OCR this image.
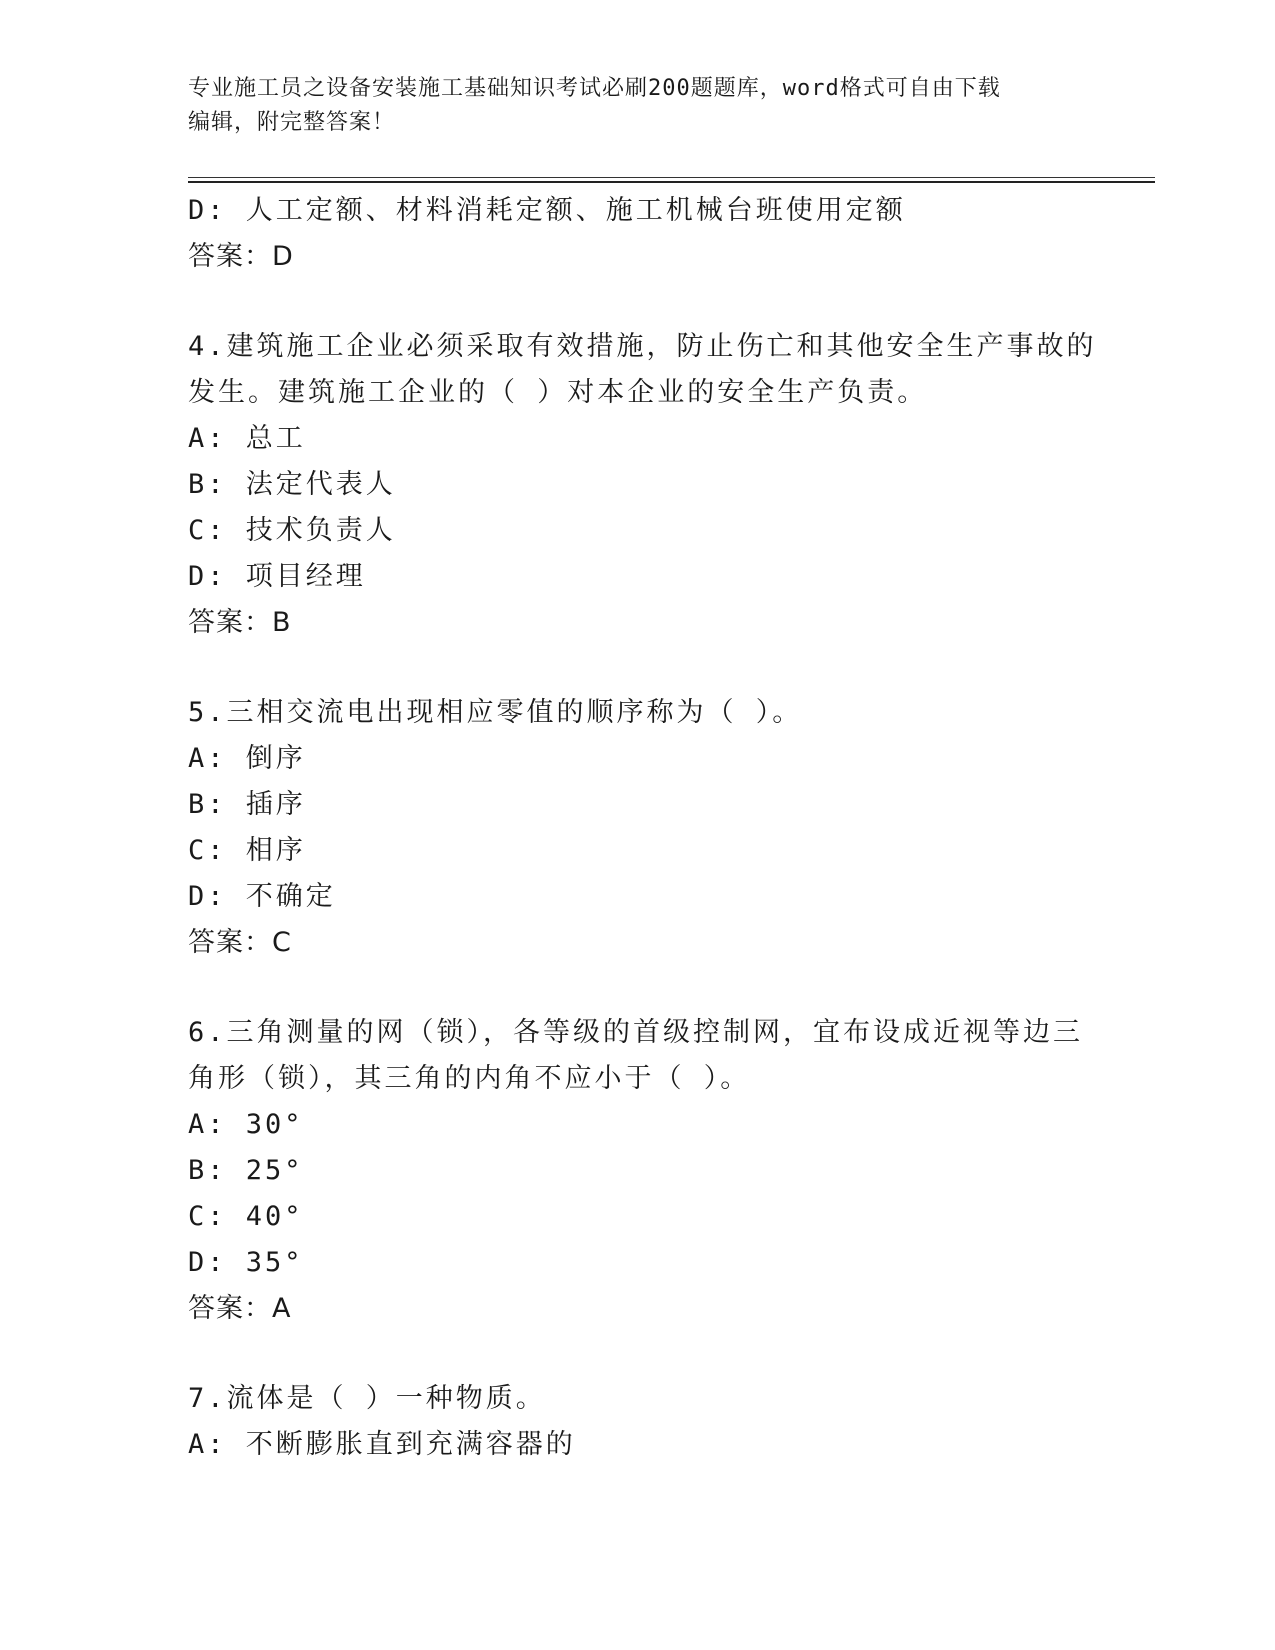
专业施工员之设备安装施工基础知识考试必刷200题题库，word格式可自由下载
编辑，附完整答案！
D: 人工定额、材料消耗定额、施工机械台班使用定额
答案：D
4.建筑施工企业必须采取有效措施，防止伤亡和其他安全生产事故的
发生。建筑施工企业的（ ）对本企业的安全生产负责。
A: 总工
B: 法定代表人
C: 技术负责人
D: 项目经理
答案：B
5.三相交流电出现相应零值的顺序称为（ ）。
A: 倒序
B: 插序
C: 相序
D: 不确定
答案：C
6.三角测量的网（锁），各等级的首级控制网，宜布设成近视等边三
角形（锁），其三角的内角不应小于（ ）。
A: 30°
B: 25°
C: 40°
D: 35°
答案：A
7.流体是（ ）一种物质。
A: 不断膨胀直到充满容器的
